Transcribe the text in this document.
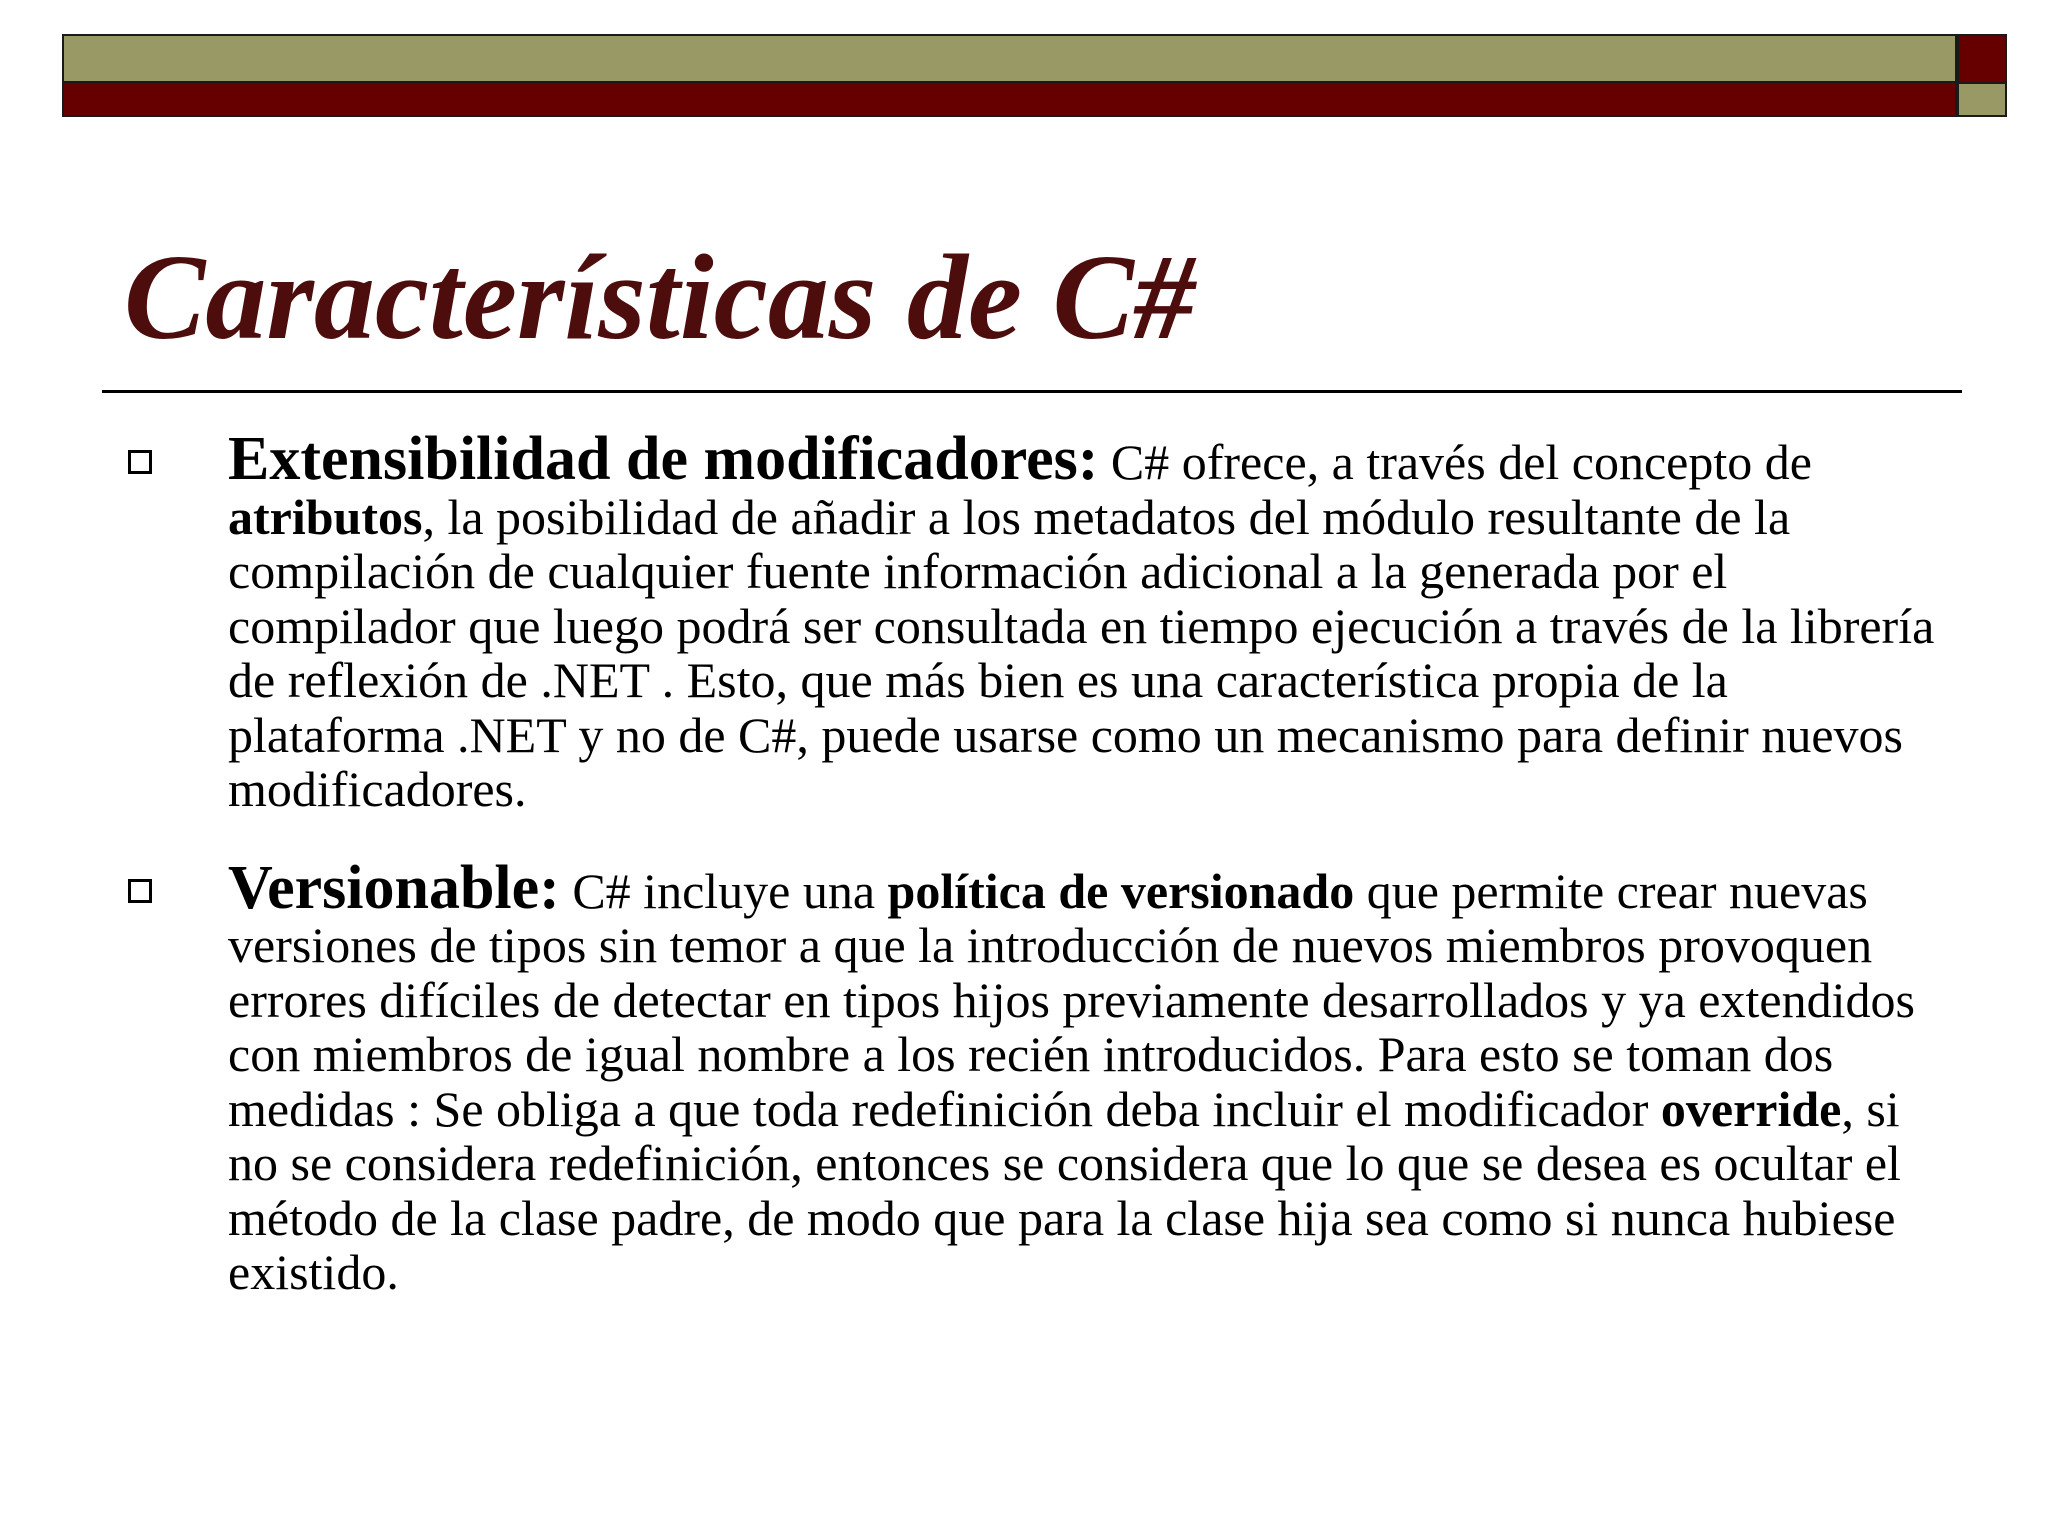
Características de C#
Extensibilidad de modificadores: C# ofrece, a través del concepto de atributos, la posibilidad de añadir a los metadatos del módulo resultante de la compilación de cualquier fuente información adicional a la generada por el compilador que luego podrá ser consultada en tiempo ejecución a través de la librería de reflexión de .NET . Esto, que más bien es una característica propia de la plataforma .NET y no de C#, puede usarse como un mecanismo para definir nuevos modificadores.
Versionable: C# incluye una política de versionado que permite crear nuevas versiones de tipos sin temor a que la introducción de nuevos miembros provoquen errores difíciles de detectar en tipos hijos previamente desarrollados y ya extendidos con miembros de igual nombre a los recién introducidos. Para esto se toman dos medidas : Se obliga a que toda redefinición deba incluir el modificador override, si no se considera redefinición, entonces se considera que lo que se desea es ocultar el método de la clase padre, de modo que para la clase hija sea como si nunca hubiese existido.
